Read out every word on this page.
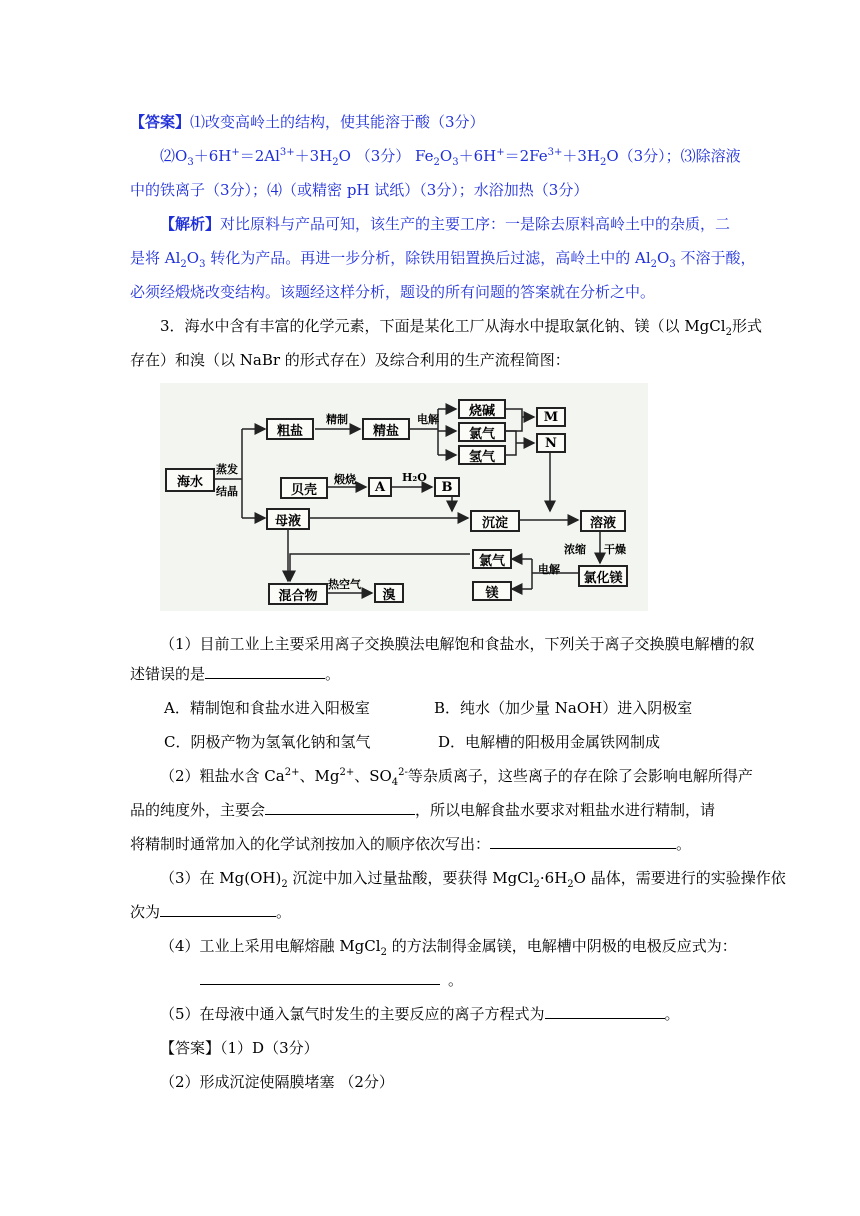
【答案】⑴改变高岭土的结构，使其能溶于酸（3分）
$⑵O_3+6H^+=2Al^{3+}+3H_2O$ （3分） $Fe_2O_3+6H^+=2Fe^{3+}+3H_2O(3$分）；⑶除溶液
中的铁离子（3分）；⑷（或精密 pH 试纸）（3分）；水浴加热（3分）
【解析】对比原料与产品可知，该生产的主要工序：一是除去原料高岭土中的杂质，二
是将 $Al_2O_3$ 转化为产品。再进一步分析，除铁用铝置换后过滤，高岭土中的 $Al_2O_3$ 不溶于酸，
必须经煅烧改变结构。该题经这样分析，题设的所有问题的答案就在分析之中。
3．海水中含有丰富的化学元素，下面是某化工厂从海水中提取氯化钠、镁（以 MgCl$_2$形式
存在）和溴（以 NaBr 的形式存在）及综合利用的生产流程简图：
海水
蒸发
结晶
粗盐
精制
精盐
电解
烧碱
氯气
氢气
M
N
贝壳
煅烧	A
H₂O
B
母液	沉淀	溶液
浓缩 干燥
电解
氯化镁
氯气
镁
混合物
热空气
溴
（1）目前工业上主要采用离子交换膜法电解饱和食盐水，下列关于离子交换膜电解槽的叙
述错误的是	。
A．精制饱和食盐水进入阳极室	B．纯水（加少量 NaOH）进入阴极室
C．阴极产物为氢氧化钠和氢气	D．电解槽的阳极用金属铁网制成
（2）粗盐水含 $Ca^{2+}$、$Mg^{2+}$、$SO_4^{2-}$等杂质离子，这些离子的存在除了会影响电解所得产
品的纯度外，主要会	，所以电解食盐水要求对粗盐水进行精制，请
将精制时通常加入的化学试剂按加入的顺序依次写出：	。
（3）在 $Mg(OH)_2$ 沉淀中加入过量盐酸，要获得 $MgCl_2\cdot 6H_2O$ 晶体，需要进行的实验操作依
次为	。
（4）工业上采用电解熔融 MgCl$_2$ 的方法制得金属镁，电解槽中阴极的电极反应式为：
。
（5）在母液中通入氯气时发生的主要反应的离子方程式为	。
【答案】（1）D（3分）
（2）形成沉淀使隔膜堵塞 （2分）
